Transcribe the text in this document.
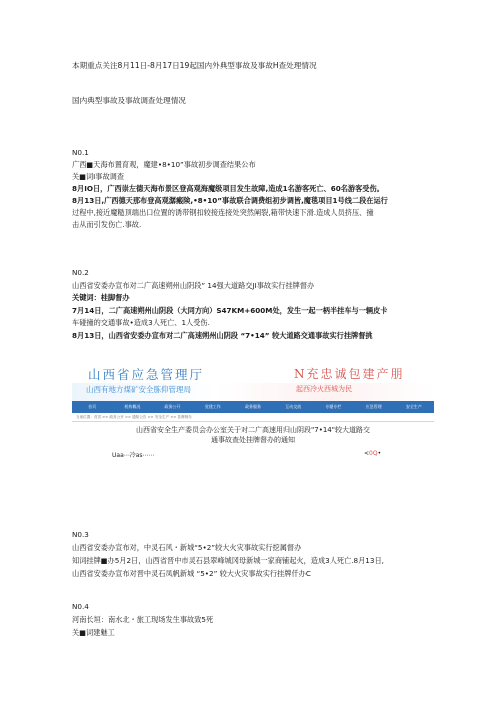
本期重点关注8月11日-8月17日19起国内外典型事故及事故H查处理情况
国内典型事故及事故调查处理情况
N0.1
广西■天海布置育观，魔建•8•10”事故初步调查结果公布
关■词I事故调查
8月IO日，广西崇左德天海布景区登高观海魔级项目发生故障,造成1名游客死亡、60名游客受伤。
8月13日,广西德天那布登高观潺瘢険,•8•10”事故联合调费组初步调皆,魔毯项目1号线二段在运行
过程中,接近魔糙顶端出口位置的诱带钢扣较接连接处突然阐裂,箱带快速下滑.造成人员挤压、撞
击从而引发伤亡.事故.
N0.2
山西省安委办宣布对二广高速朔州山阴段” 14强大道路交JI事故实行挂牌督办
关键词：桂脚督办
7月14日，二广高速朔州山阴段（大同方向）S47KM+600M处，发生一起一柄半挂车与一辆皮卡
车碰撞的交通事故•造成3人死亡、1人受伤.
8月13日，山西省安委办宣布对二广高速朔州山阴段 “7•14” 较大道路交通事故实行挂牌督挑
山西省应急管理厅
山西有地方煤矿安全胨仰管理局
N充忠诚包建产朋
起西冷火西城为民
首页	机构概况	政务公开	党建工作	政务服务	互动交流	专题专栏	应急管理	安全生产
当前位置：首页 >> 政务公开 >> 通知公告 >> 安全生产 >> 挂牌督办
山西省安全生产委员会办公室关于对二广高速用归山阴段"7•14"较大道路交
通事故查处挂牌督办的通知
Uaa⋯冷as⋯⋯	<0Q•
N0.3
山西省安委办宣布对，中灵石风・新城“5•2”较大火灾事故实行挖属督办
知词挂牌■办5月2日，山西省晋中市灵石县翠峰城冈母新城一家商铺起火，造成3人死亡.8月13日,
山西省安委办宣布对晋中灵石凤帆新城 “5•2” 较大火灾事故实行挂牌仟办C
N0.4
河南长垣：南水北・旅工现场发生事故致5死
关■词建魅工
